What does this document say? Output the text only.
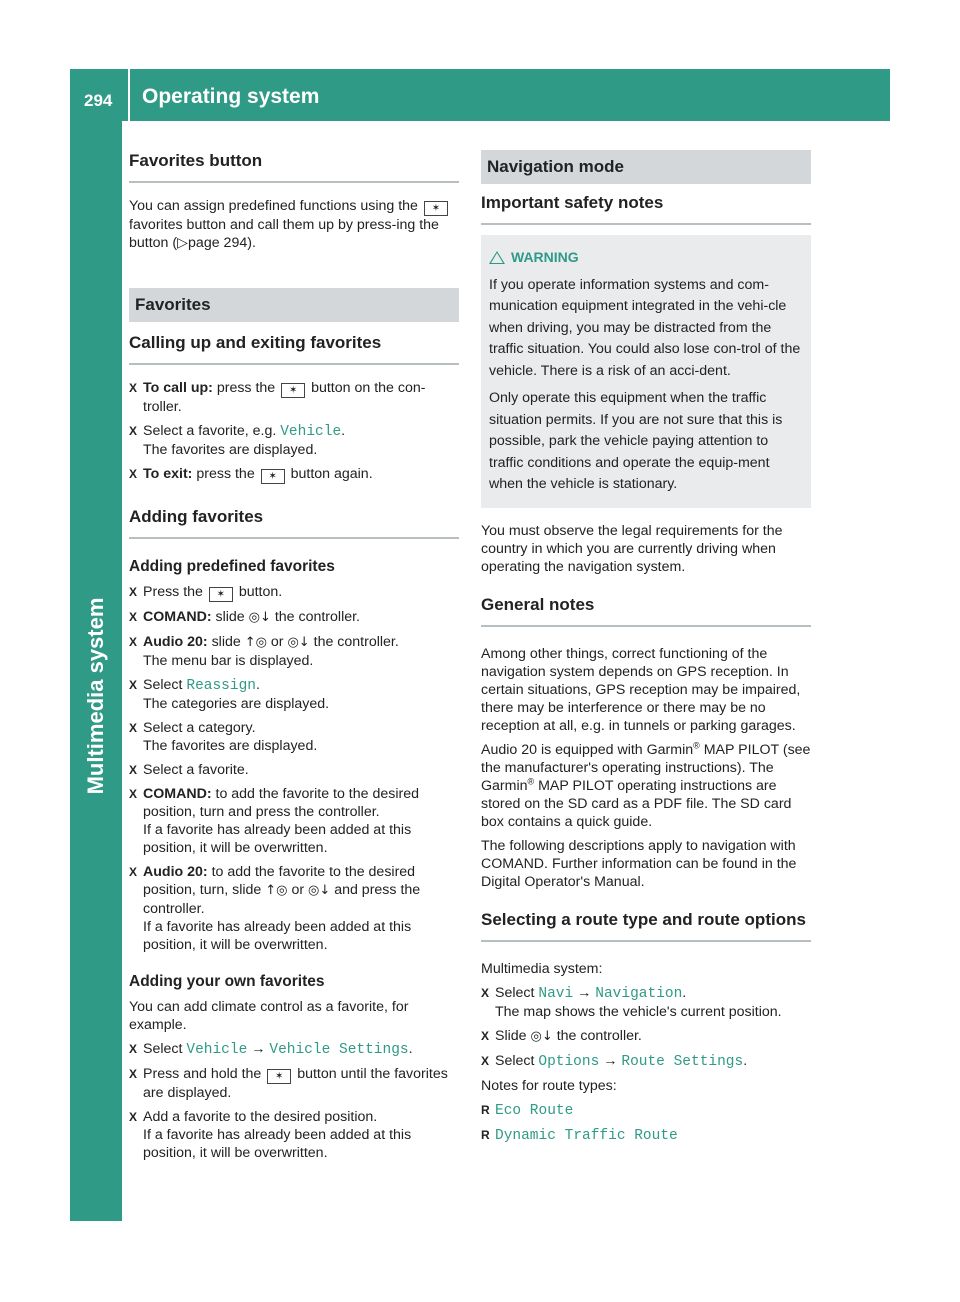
294 Operating system
Multimedia system
Favorites button

You can assign predefined functions using the ✶favorites button and call them up by press-ing the button (▷page 294).

Favorites
Calling up and exiting favorites
X To call up: press the ✶ button on the con-troller.
X Select a favorite, e.g. Vehicle.
The favorites are displayed.
X To exit: press the ✶ button again.
Adding favorites
Adding predefined favorites
X Press the ✶ button.
X COMAND: slide ◎↓ the controller.
X Audio 20: slide ↑◎ or ◎↓ the controller.
The menu bar is displayed.
X Select Reassign.
The categories are displayed.
X Select a category.
The favorites are displayed.
X Select a favorite.
X COMAND: to add the favorite to the desired position, turn and press the controller.
If a favorite has already been added at this position, it will be overwritten.
X Audio 20: to add the favorite to the desired position, turn, slide ↑◎ or ◎↓ and press the controller.
If a favorite has already been added at this position, it will be overwritten.
Adding your own favorites

You can add climate control as a favorite, for example.

X Select Vehicle → Vehicle Settings.
X Press and hold the ✶ button until the favorites are displayed.
X Add a favorite to the desired position.
If a favorite has already been added at this position, it will be overwritten.
Navigation mode
Important safety notes
WARNING

If you operate information systems and com-munication equipment integrated in the vehi-cle when driving, you may be distracted from the traffic situation. You could also lose con-trol of the vehicle. There is a risk of an acci-dent.

Only operate this equipment when the traffic situation permits. If you are not sure that this is possible, park the vehicle paying attention to traffic conditions and operate the equip-ment when the vehicle is stationary.

You must observe the legal requirements for the country in which you are currently driving when operating the navigation system.

General notes

Among other things, correct functioning of the navigation system depends on GPS reception. In certain situations, GPS reception may be impaired, there may be interference or there may be no reception at all, e.g. in tunnels or parking garages.

Audio 20 is equipped with Garmin® MAP PILOT (see the manufacturer's operating instructions). The Garmin® MAP PILOT operating instructions are stored on the SD card as a PDF file. The SD card box contains a quick guide.

The following descriptions apply to navigation with COMAND. Further information can be found in the Digital Operator's Manual.

Selecting a route type and route options

Multimedia system:

X Select Navi → Navigation.
The map shows the vehicle's current position.
X Slide ◎↓ the controller.
X Select Options → Route Settings.

Notes for route types:

R Eco Route
R Dynamic Traffic Route
